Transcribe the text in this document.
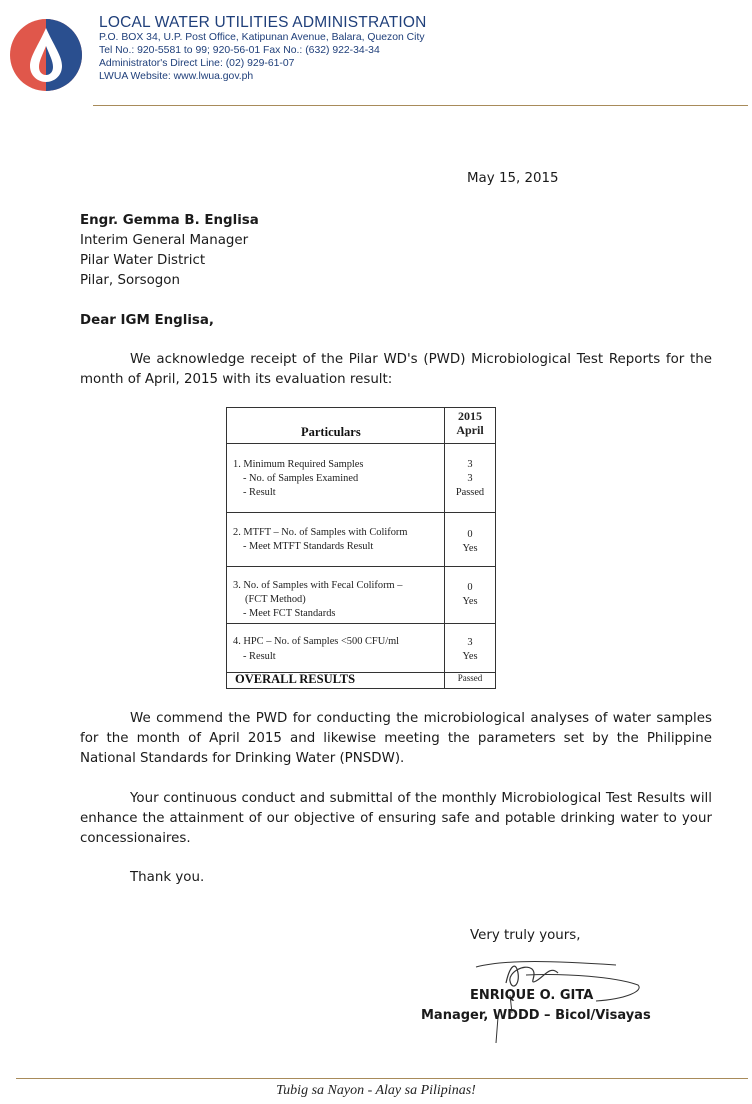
LOCAL WATER UTILITIES ADMINISTRATION
P.O. BOX 34, U.P. Post Office, Katipunan Avenue, Balara, Quezon City
Tel No.: 920-5581 to 99; 920-56-01 Fax No.: (632) 922-34-34
Administrator's Direct Line: (02) 929-61-07
LWUA Website: www.lwua.gov.ph
May 15, 2015
Engr. Gemma B. Englisa
Interim General Manager
Pilar Water District
Pilar, Sorsogon
Dear IGM Englisa,
We acknowledge receipt of the Pilar WD's (PWD) Microbiological Test Reports for the month of April, 2015 with its evaluation result:
Particulars
2015
April
1. Minimum Required Samples
- No. of Samples Examined
- Result
3
3
Passed
2. MTFT – No. of Samples with Coliform
- Meet MTFT Standards Result
0
Yes
3. No. of Samples with Fecal Coliform –
(FCT Method)
- Meet FCT Standards
0
Yes
4. HPC – No. of Samples <500 CFU/ml
- Result
3
Yes
OVERALL RESULTS	Passed
We commend the PWD for conducting the microbiological analyses of water samples for the month of April 2015 and likewise meeting the parameters set by the Philippine National Standards for Drinking Water (PNSDW).
Your continuous conduct and submittal of the monthly Microbiological Test Results will enhance the attainment of our objective of ensuring safe and potable drinking water to your concessionaires.
Thank you.
Very truly yours,
ENRIQUE O. GITA
Manager, WDDD – Bicol/Visayas
Tubig sa Nayon - Alay sa Pilipinas!
